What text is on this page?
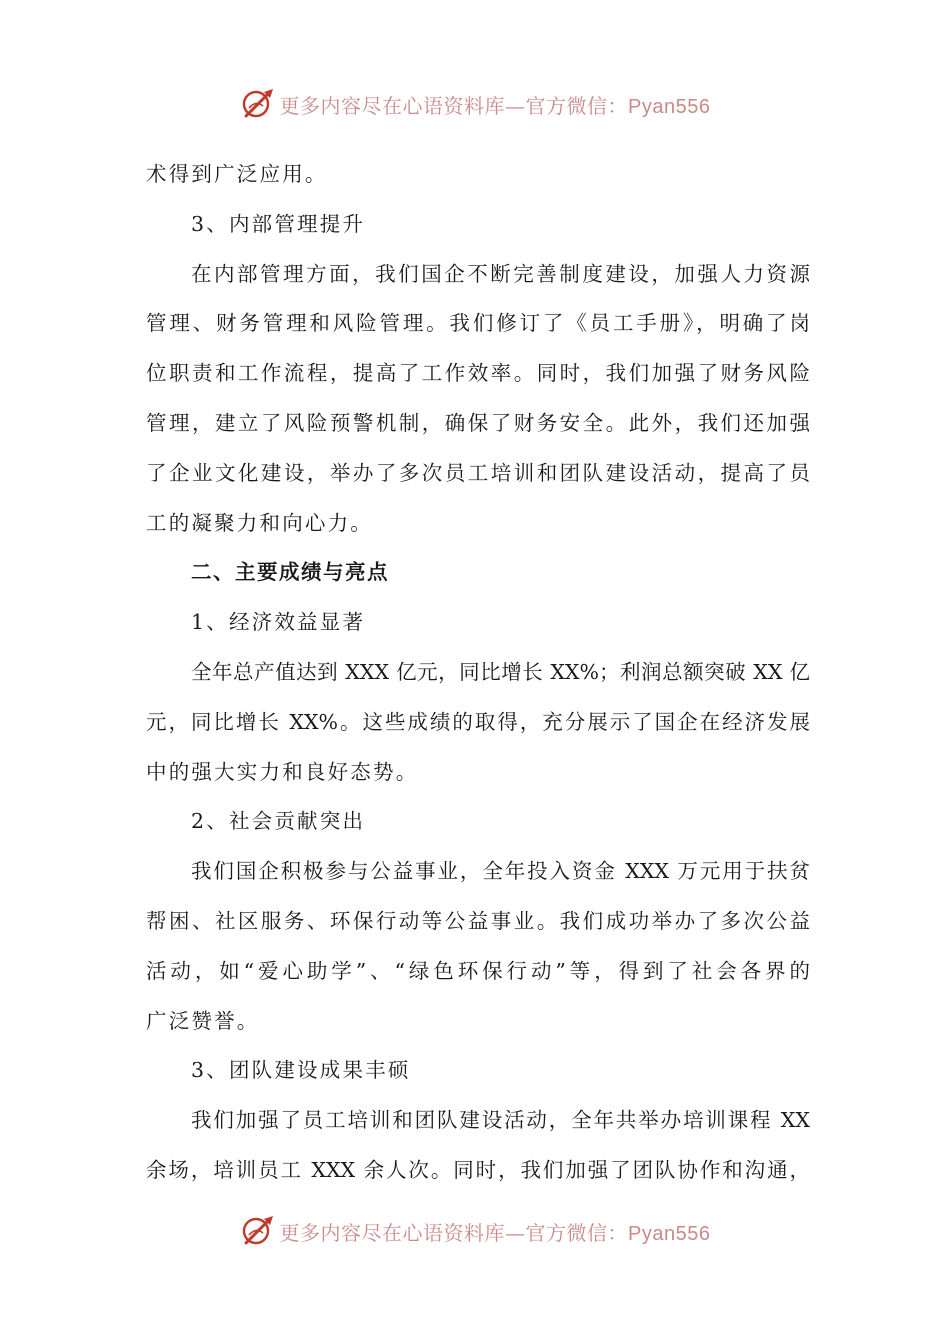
更多内容尽在心语资料库—官方微信：Pyan556
术得到广泛应用。
3、内部管理提升
在内部管理方面，我们国企不断完善制度建设，加强人力资源
管理、财务管理和风险管理。我们修订了《员工手册》，明确了岗
位职责和工作流程，提高了工作效率。同时，我们加强了财务风险
管理，建立了风险预警机制，确保了财务安全。此外，我们还加强
了企业文化建设，举办了多次员工培训和团队建设活动，提高了员
工的凝聚力和向心力。
二、主要成绩与亮点
1、经济效益显著
全年总产值达到 XXX 亿元，同比增长 XX%；利润总额突破 XX 亿
元，同比增长 XX%。这些成绩的取得，充分展示了国企在经济发展
中的强大实力和良好态势。
2、社会贡献突出
我们国企积极参与公益事业，全年投入资金 XXX 万元用于扶贫
帮困、社区服务、环保行动等公益事业。我们成功举办了多次公益
活动，如“爱心助学”、“绿色环保行动”等，得到了社会各界的
广泛赞誉。
3、团队建设成果丰硕
我们加强了员工培训和团队建设活动，全年共举办培训课程 XX
余场，培训员工 XXX 余人次。同时，我们加强了团队协作和沟通，
更多内容尽在心语资料库—官方微信：Pyan556
